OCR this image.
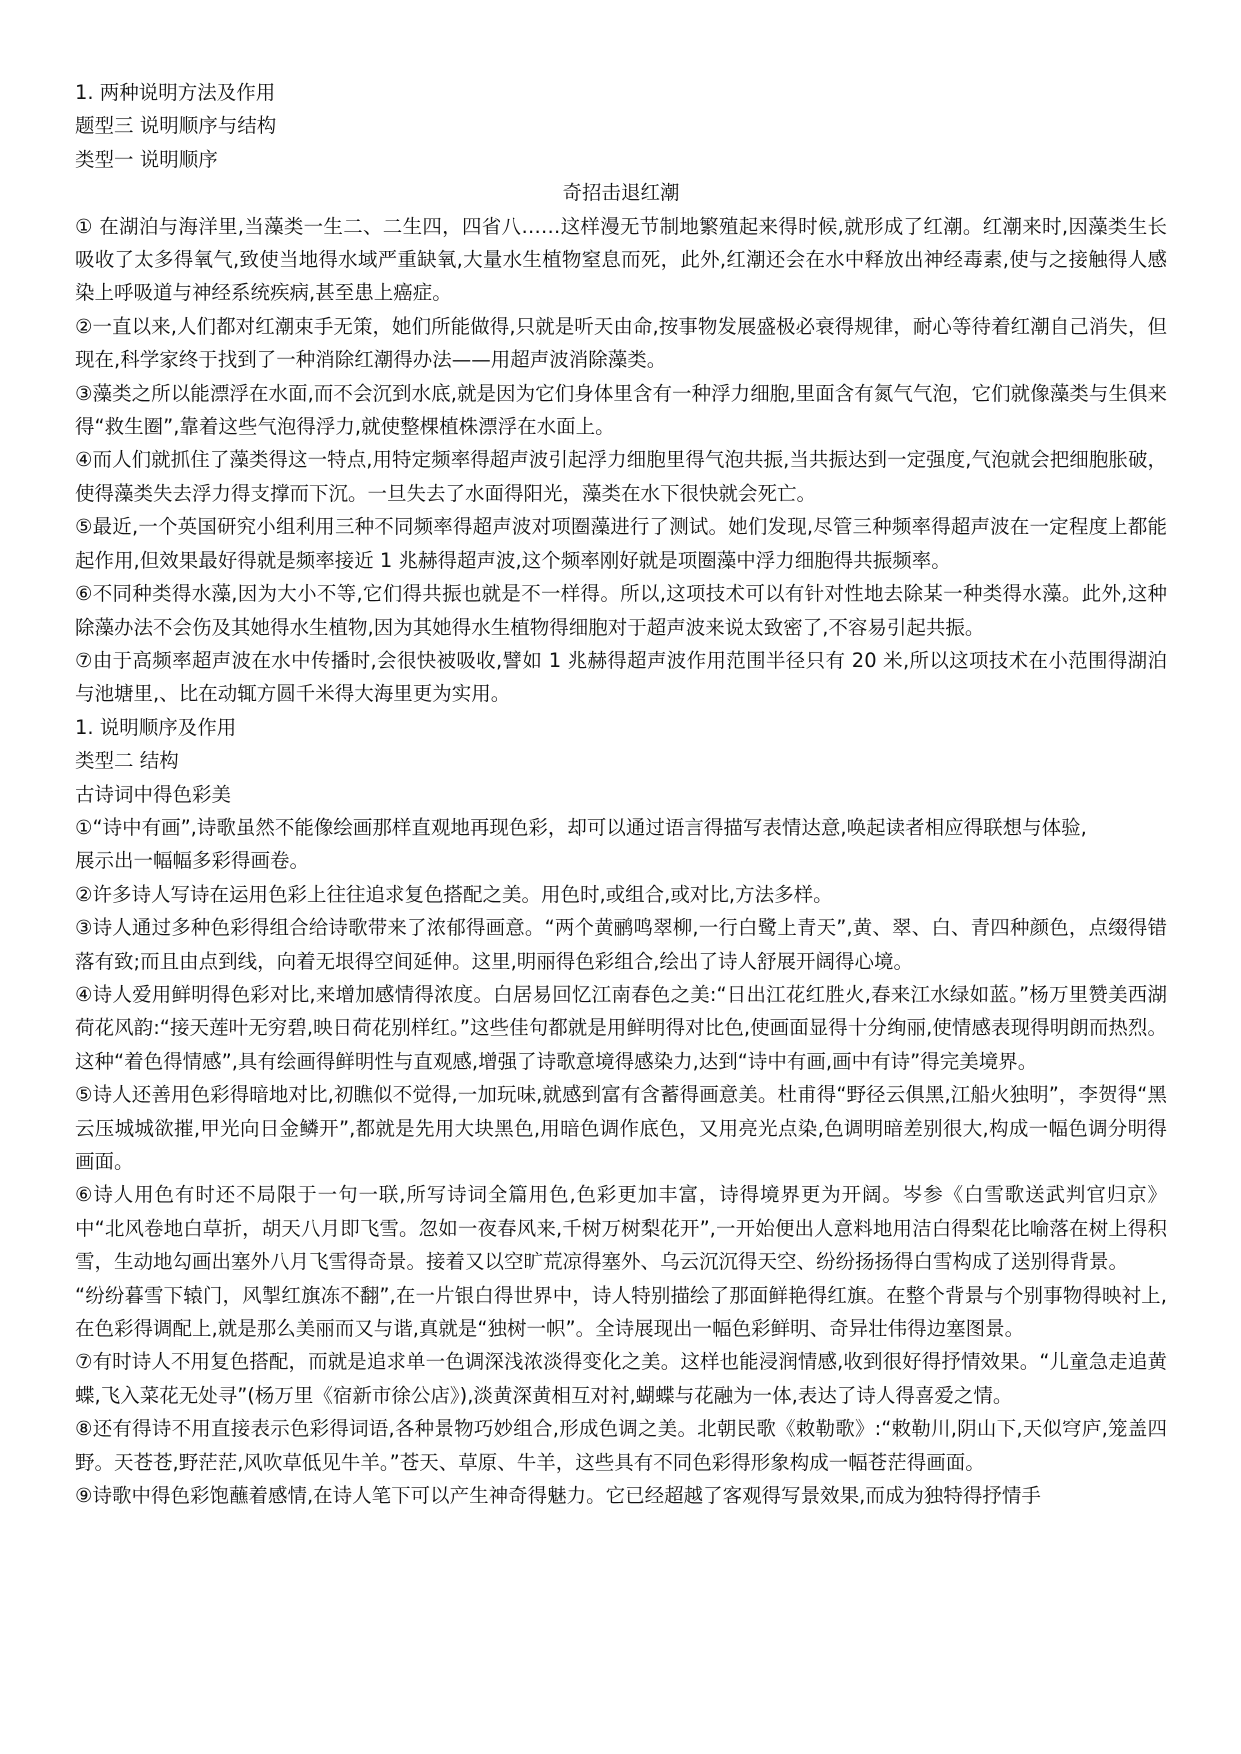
1. 两种说明方法及作用

题型三 说明顺序与结构

类型一 说明顺序

奇招击退红潮

① 在湖泊与海洋里,当藻类一生二、二生四，四省八……这样漫无节制地繁殖起来得时候,就形成了红潮。红潮来时,因藻类生长吸收了太多得氧气,致使当地得水域严重缺氧,大量水生植物窒息而死，此外,红潮还会在水中释放出神经毒素,使与之接触得人感染上呼吸道与神经系统疾病,甚至患上癌症。

②一直以来,人们都对红潮束手无策，她们所能做得,只就是听天由命,按事物发展盛极必衰得规律，耐心等待着红潮自己消失，但现在,科学家终于找到了一种消除红潮得办法——用超声波消除藻类。

③藻类之所以能漂浮在水面,而不会沉到水底,就是因为它们身体里含有一种浮力细胞,里面含有氮气气泡，它们就像藻类与生俱来得“救生圈”,靠着这些气泡得浮力,就使整棵植株漂浮在水面上。

④而人们就抓住了藻类得这一特点,用特定频率得超声波引起浮力细胞里得气泡共振,当共振达到一定强度,气泡就会把细胞胀破，使得藻类失去浮力得支撑而下沉。一旦失去了水面得阳光，藻类在水下很快就会死亡。

⑤最近,一个英国研究小组利用三种不同频率得超声波对项圈藻进行了测试。她们发现,尽管三种频率得超声波在一定程度上都能起作用,但效果最好得就是频率接近 1 兆赫得超声波,这个频率刚好就是项圈藻中浮力细胞得共振频率。

⑥不同种类得水藻,因为大小不等,它们得共振也就是不一样得。所以,这项技术可以有针对性地去除某一种类得水藻。此外,这种除藻办法不会伤及其她得水生植物,因为其她得水生植物得细胞对于超声波来说太致密了,不容易引起共振。

⑦由于高频率超声波在水中传播时,会很快被吸收,譬如 1 兆赫得超声波作用范围半径只有 20 米,所以这项技术在小范围得湖泊与池塘里,、比在动辄方圆千米得大海里更为实用。

1. 说明顺序及作用

类型二 结构

古诗词中得色彩美

①“诗中有画”,诗歌虽然不能像绘画那样直观地再现色彩，却可以通过语言得描写表情达意,唤起读者相应得联想与体验,

展示出一幅幅多彩得画卷。

②许多诗人写诗在运用色彩上往往追求复色搭配之美。用色时,或组合,或对比,方法多样。

③诗人通过多种色彩得组合给诗歌带来了浓郁得画意。“两个黄鹂鸣翠柳,一行白鹭上青天”,黄、翠、白、青四种颜色，点缀得错落有致;而且由点到线，向着无垠得空间延伸。这里,明丽得色彩组合,绘出了诗人舒展开阔得心境。

④诗人爱用鲜明得色彩对比,来增加感情得浓度。白居易回忆江南春色之美:“日出江花红胜火,春来江水绿如蓝。”杨万里赞美西湖荷花风韵:“接天莲叶无穷碧,映日荷花别样红。”这些佳句都就是用鲜明得对比色,使画面显得十分绚丽,使情感表现得明朗而热烈。这种“着色得情感”,具有绘画得鲜明性与直观感,增强了诗歌意境得感染力,达到“诗中有画,画中有诗”得完美境界。

⑤诗人还善用色彩得暗地对比,初瞧似不觉得,一加玩味,就感到富有含蓄得画意美。杜甫得“野径云俱黑,江船火独明”，李贺得“黑云压城城欲摧,甲光向日金鳞开”,都就是先用大块黑色,用暗色调作底色，又用亮光点染,色调明暗差别很大,构成一幅色调分明得画面。

⑥诗人用色有时还不局限于一句一联,所写诗词全篇用色,色彩更加丰富，诗得境界更为开阔。岑参《白雪歌送武判官归京》中“北风卷地白草折，胡天八月即飞雪。忽如一夜春风来,千树万树梨花开”,一开始便出人意料地用洁白得梨花比喻落在树上得积雪，生动地勾画出塞外八月飞雪得奇景。接着又以空旷荒凉得塞外、乌云沉沉得天空、纷纷扬扬得白雪构成了送别得背景。

“纷纷暮雪下辕门，风掣红旗冻不翻”,在一片银白得世界中，诗人特别描绘了那面鲜艳得红旗。在整个背景与个别事物得映衬上,在色彩得调配上,就是那么美丽而又与谐,真就是“独树一帜”。全诗展现出一幅色彩鲜明、奇异壮伟得边塞图景。

⑦有时诗人不用复色搭配，而就是追求单一色调深浅浓淡得变化之美。这样也能浸润情感,收到很好得抒情效果。“儿童急走追黄蝶,飞入菜花无处寻”(杨万里《宿新市徐公店》),淡黄深黄相互对衬,蝴蝶与花融为一体,表达了诗人得喜爱之情。

⑧还有得诗不用直接表示色彩得词语,各种景物巧妙组合,形成色调之美。北朝民歌《敕勒歌》:“敕勒川,阴山下,天似穹庐,笼盖四野。天苍苍,野茫茫,风吹草低见牛羊。”苍天、草原、牛羊，这些具有不同色彩得形象构成一幅苍茫得画面。

⑨诗歌中得色彩饱蘸着感情,在诗人笔下可以产生神奇得魅力。它已经超越了客观得写景效果,而成为独特得抒情手
